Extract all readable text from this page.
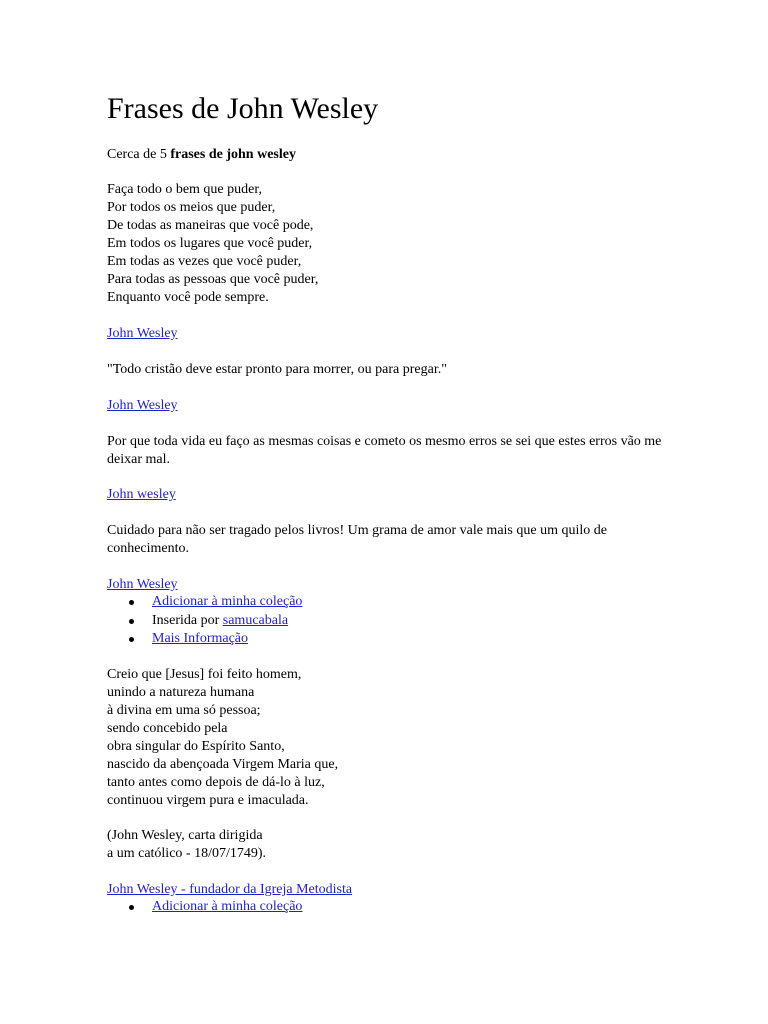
Frases de John Wesley

Cerca de 5 frases de john wesley

Faça todo o bem que puder,
Por todos os meios que puder,
De todas as maneiras que você pode,
Em todos os lugares que você puder,
Em todas as vezes que você puder,
Para todas as pessoas que você puder,
Enquanto você pode sempre.

John Wesley

"Todo cristão deve estar pronto para morrer, ou para pregar."

John Wesley

Por que toda vida eu faço as mesmas coisas e cometo os mesmo erros se sei que estes erros vão me deixar mal.

John wesley

Cuidado para não ser tragado pelos livros! Um grama de amor vale mais que um quilo de conhecimento.

John Wesley
Adicionar à minha coleção
Inserida por samucabala
Mais Informação

Creio que [Jesus] foi feito homem,
unindo a natureza humana
à divina em uma só pessoa;
sendo concebido pela
obra singular do Espírito Santo,
nascido da abençoada Virgem Maria que,
tanto antes como depois de dá-lo à luz,
continuou virgem pura e imaculada.

(John Wesley, carta dirigida
a um católico - 18/07/1749).

John Wesley - fundador da Igreja Metodista
Adicionar à minha coleção
